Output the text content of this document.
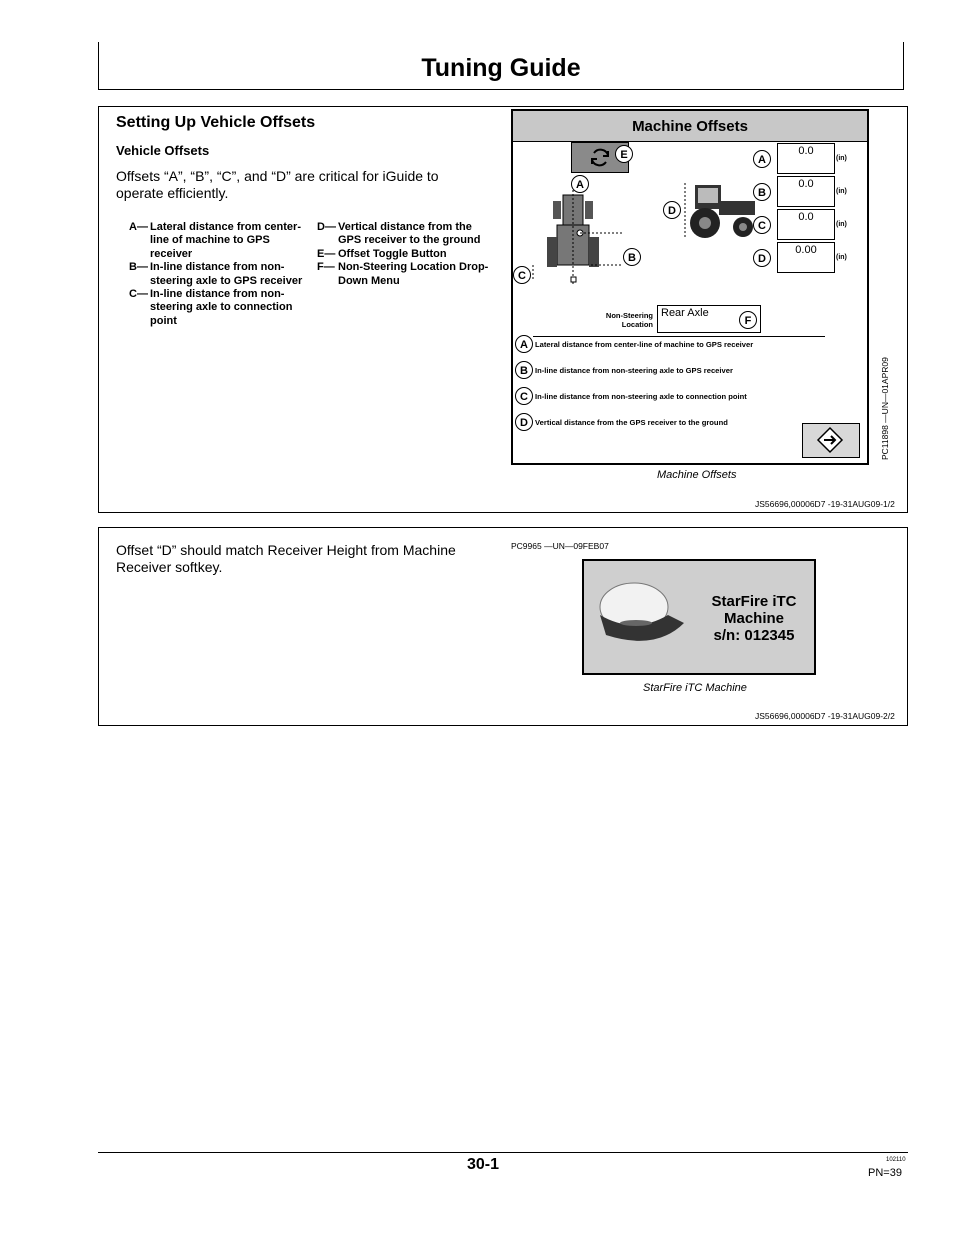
Tuning Guide
Setting Up Vehicle Offsets
Vehicle Offsets
Offsets “A”, “B”, “C”, and “D” are critical for iGuide to operate efficiently.
A— Lateral distance from center-line of machine to GPS receiver
B— In-line distance from non-steering axle to GPS receiver
C— In-line distance from non-steering axle to connection point
D— Vertical distance from the GPS receiver to the ground
E— Offset Toggle Button
F— Non-Steering Location Drop-Down Menu
Machine Offsets
E
A
B
C
D
A
0.0
(in)
B
0.0
(in)
C
0.0
(in)
D
0.00
(in)
Non-Steering
Location
Rear Axle
F
A Lateral distance from center-line of machine to GPS receiver
B In-line distance from non-steering axle to GPS receiver
C In-line distance from non-steering axle to connection point
D Vertical distance from the GPS receiver to the ground	PC11898 —UN—01APR09
Machine Offsets
JS56696,00006D7 -19-31AUG09-1/2
Offset “D” should match Receiver Height from Machine Receiver softkey.
PC9965 —UN—09FEB07
StarFire iTC
Machine
s/n: 012345
StarFire iTC Machine
JS56696,00006D7 -19-31AUG09-2/2
30-1	102110
PN=39
